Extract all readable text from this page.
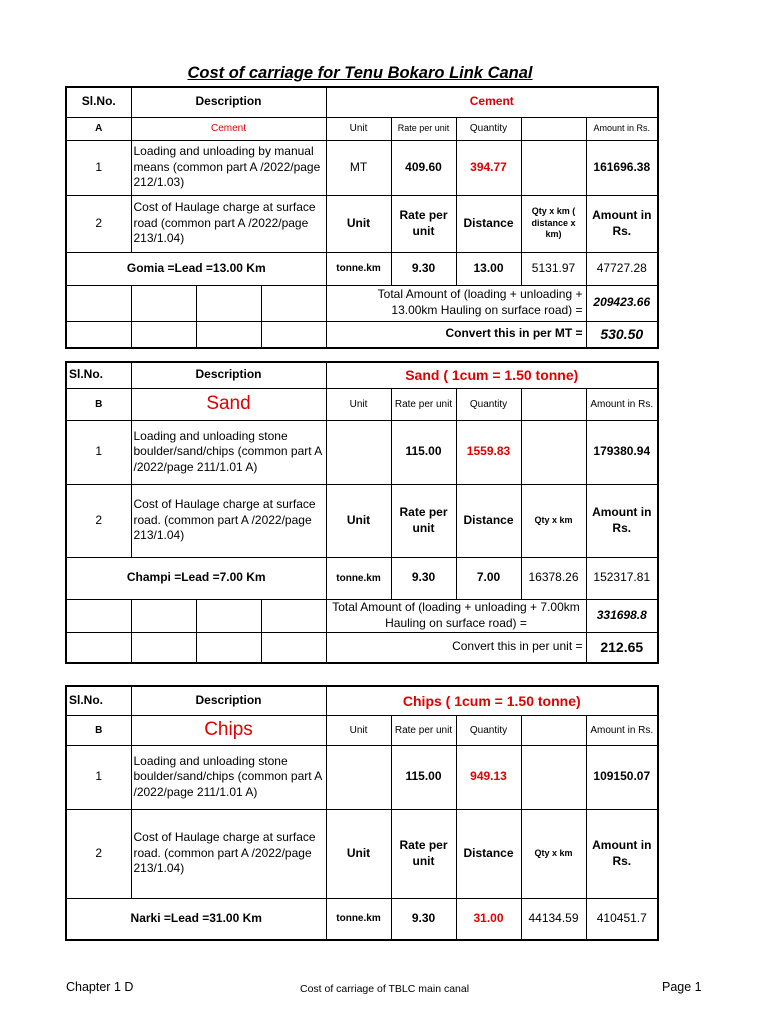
Cost of carriage for Tenu Bokaro Link Canal
Sl.No.	Description			Cement				
A	Cement			Unit	Rate per unit	Quantity		Amount in Rs.
1	Loading and unloading by manual means (common part A /2022/page 212/1.03)			MT	409.60	394.77		161696.38
2	Cost of Haulage charge at surface road (common part A /2022/page 213/1.04)			Unit	Rate per unit	Distance	Qty x km ( distance x km)	Amount in Rs.
Gomia =Lead =13.00 Km				tonne.km	9.30	13.00	5131.97	47727.28
				Total Amount of (loading + unloading + 13.00km Hauling on surface road) =				209423.66
				Convert this in per MT =				530.50
Sl.No.	Description			Sand ( 1cum = 1.50 tonne)				
B	Sand			Unit	Rate per unit	Quantity		Amount in Rs.
1	Loading and unloading stone boulder/sand/chips (common part A /2022/page 211/1.01 A)				115.00	1559.83		179380.94
2	Cost of Haulage charge at surface road. (common part A /2022/page 213/1.04)			Unit	Rate per unit	Distance	Qty x km	Amount in Rs.
Champi =Lead =7.00 Km				tonne.km	9.30	7.00	16378.26	152317.81
				Total Amount of (loading + unloading + 7.00km Hauling on surface road) =				331698.8
				Convert this in per unit =				212.65
Sl.No.	Description	Chips ( 1cum = 1.50 tonne)				
B	Chips	Unit	Rate per unit	Quantity		Amount in Rs.
1	Loading and unloading stone boulder/sand/chips (common part A /2022/page 211/1.01 A)		115.00	949.13		109150.07
2	Cost of Haulage charge at surface road. (common part A /2022/page 213/1.04)	Unit	Rate per unit	Distance	Qty x km	Amount in Rs.
Narki =Lead =31.00 Km		tonne.km	9.30	31.00	44134.59	410451.7
Chapter 1 D	Cost of carriage of TBLC main canal	Page 1
